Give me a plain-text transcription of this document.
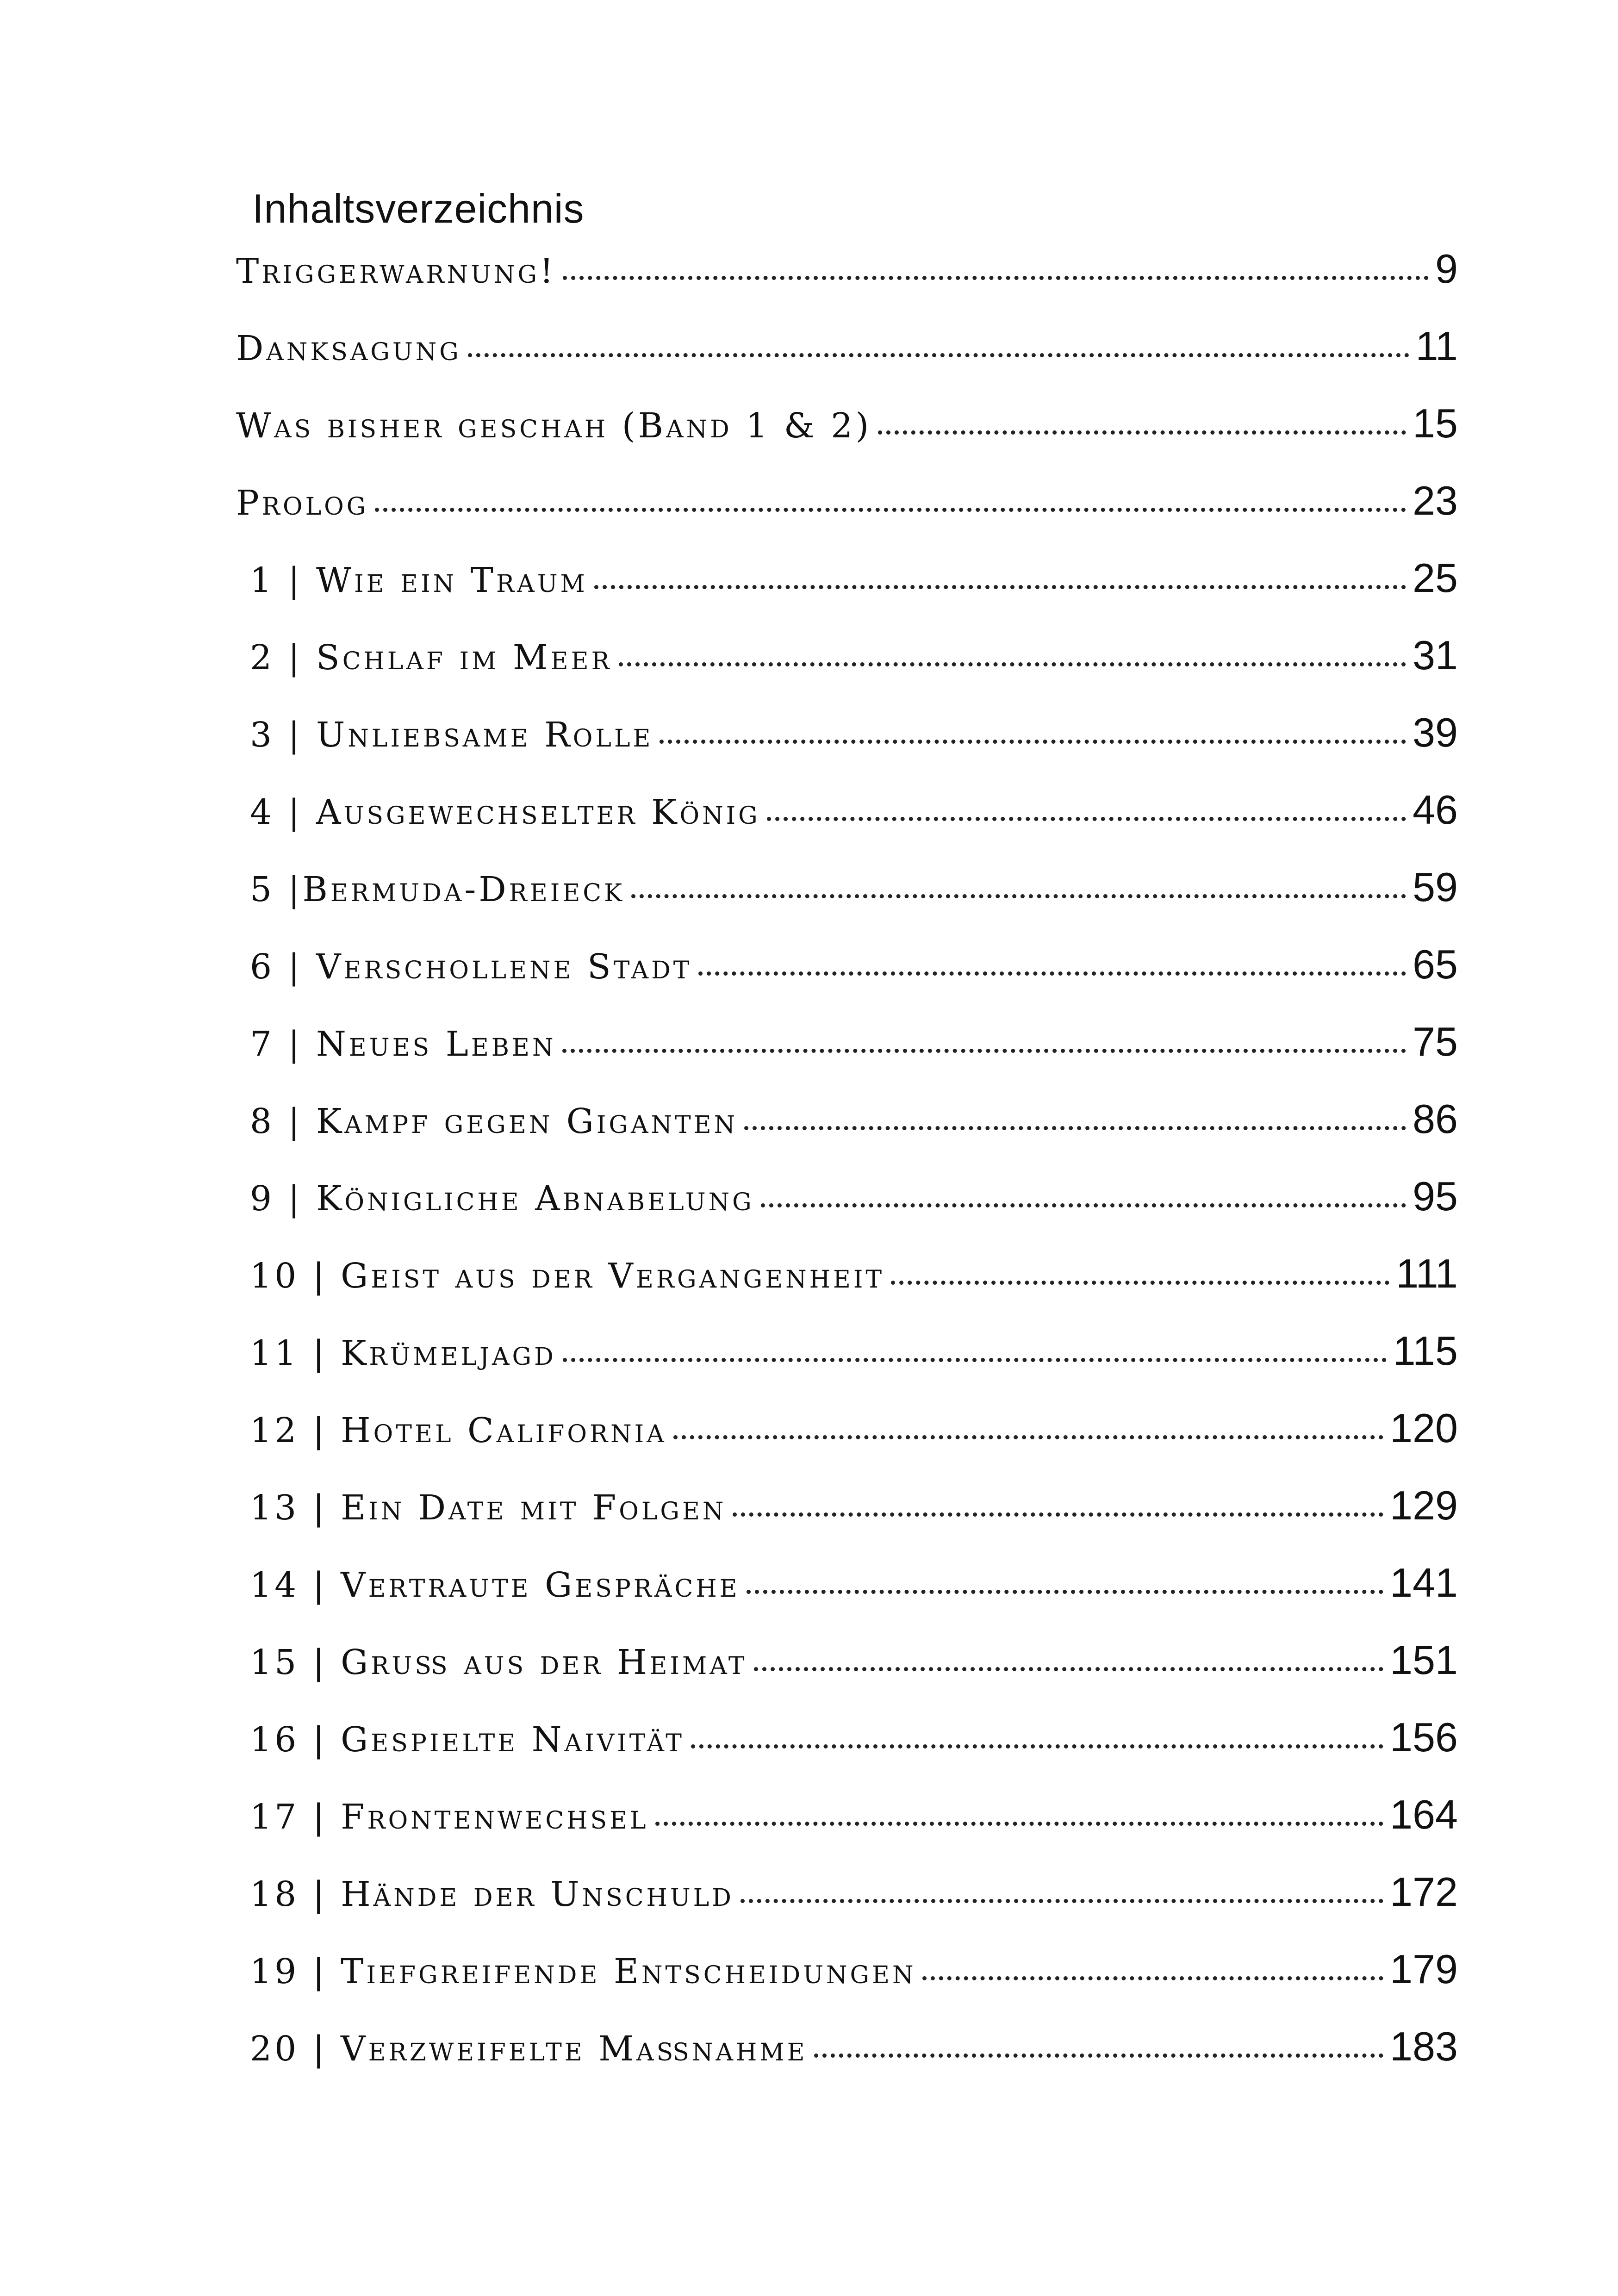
Inhaltsverzeichnis
Triggerwarnung!	9
Danksagung	11
Was bisher geschah (Band 1 & 2)	15
Prolog	23
1 | Wie ein Traum	25
2 | Schlaf im Meer	31
3 | Unliebsame Rolle	39
4 | Ausgewechselter König	46
5 |Bermuda-Dreieck	59
6 | Verschollene Stadt	65
7 | Neues Leben	75
8 | Kampf gegen Giganten	86
9 | Königliche Abnabelung	95
10 | Geist aus der Vergangenheit	111
11 | Krümeljagd	115
12 | Hotel California	120
13 | Ein Date mit Folgen	129
14 | Vertraute Gespräche	141
15 | Gruß aus der Heimat	151
16 | Gespielte Naivität	156
17 | Frontenwechsel	164
18 | Hände der Unschuld	172
19 | Tiefgreifende Entscheidungen	179
20 | Verzweifelte Maßnahme	183
